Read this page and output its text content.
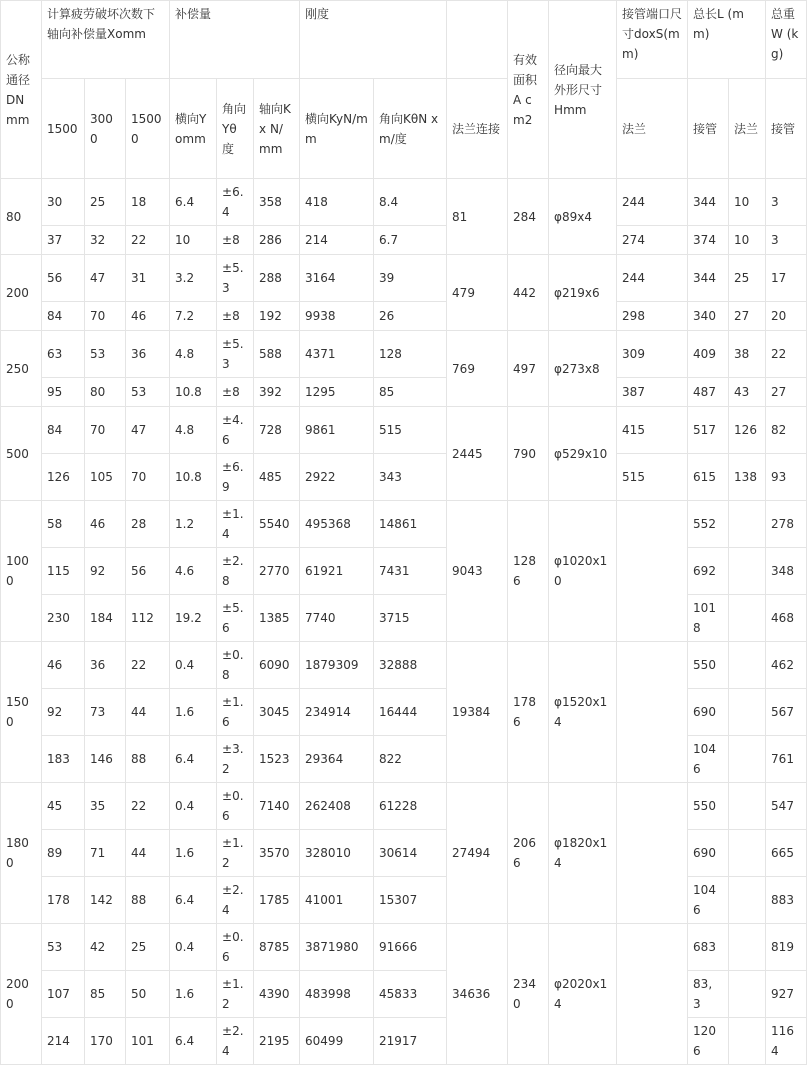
公称通径DN mm	计算疲劳破坏次数下轴向补偿量Xomm			补偿量			刚度			有效面积A cm2	径向最大外形尺寸Hmm	接管端口尺寸doxS(mm)	总长L (mm)		总重W (kg)
	1500	3000	15000	横向Yomm	角向Yθ度	轴向Kx N/mm	横向KyN/mm	角向KθN x m/度	法兰连接			法兰	接管	法兰	接管
80	30	25	18	6.4	±6.4	358	418	8.4	81	284	φ89x4	244	344	10	3
	37	32	22	10	±8	286	214	6.7				274	374	10	3
200	56	47	31	3.2	±5.3	288	3164	39	479	442	φ219x6	244	344	25	17
	84	70	46	7.2	±8	192	9938	26				298	340	27	20
250	63	53	36	4.8	±5.3	588	4371	128	769	497	φ273x8	309	409	38	22
	95	80	53	10.8	±8	392	1295	85				387	487	43	27
500	84	70	47	4.8	±4.6	728	9861	515	2445	790	φ529x10	415	517	126	82
	126	105	70	10.8	±6.9	485	2922	343				515	615	138	93
1000	58	46	28	1.2	±1.4	5540	495368	14861	9043	1286	φ1020x10		552		278
	115	92	56	4.6	±2.8	2770	61921	7431					692		348
	230	184	112	19.2	±5.6	1385	7740	3715					1018		468
1500	46	36	22	0.4	±0.8	6090	1879309	32888	19384	1786	φ1520x14		550		462
	92	73	44	1.6	±1.6	3045	234914	16444					690		567
	183	146	88	6.4	±3.2	1523	29364	822					1046		761
1800	45	35	22	0.4	±0.6	7140	262408	61228	27494	2066	φ1820x14		550		547
	89	71	44	1.6	±1.2	3570	328010	30614					690		665
	178	142	88	6.4	±2.4	1785	41001	15307					1046		883
2000	53	42	25	0.4	±0.6	8785	3871980	91666	34636	2340	φ2020x14		683		819
	107	85	50	1.6	±1.2	4390	483998	45833					83, 3		927
	214	170	101	6.4	±2.4	2195	60499	21917					1206		1164
